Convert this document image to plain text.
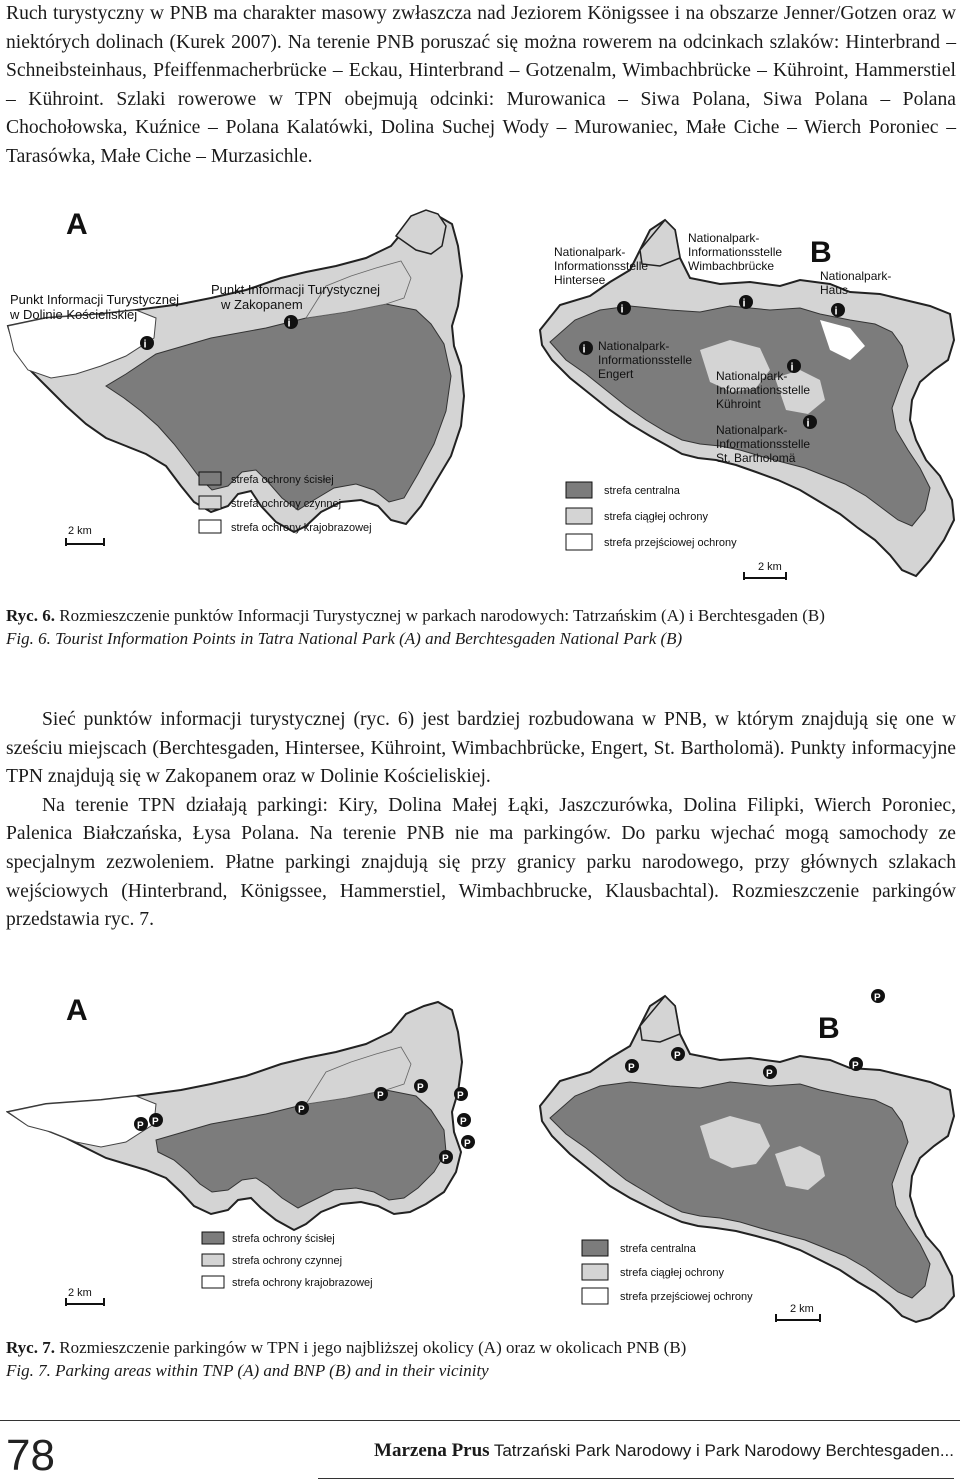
Ruch turystyczny w PNB ma charakter masowy zwłaszcza nad Jeziorem Königssee i na obszarze Jenner/Gotzen oraz w niektórych dolinach (Kurek 2007). Na terenie PNB poruszać się można rowerem na odcinkach szlaków: Hinterbrand – Schneibsteinhaus, Pfeiffenmacherbrücke – Eckau, Hinterbrand – Gotzenalm, Wimbachbrücke – Kühroint, Hammerstiel – Kühroint. Szlaki rowerowe w TPN obejmują odcinki: Murowanica – Siwa Polana, Siwa Polana – Polana Chochołowska, Kuźnice – Polana Kalatówki, Dolina Suchej Wody – Murowaniec, Małe Ciche – Wierch Poroniec – Tarasówka, Małe Ciche – Murzasichle.

A
Punkt Informacji Turystycznej
w Dolinie Kościeliskiej
Punkt Informacji Turystycznej
w Zakopanem
i
i
strefa ochrony ścisłej
strefa ochrony czynnej
strefa ochrony krajobrazowej
2 km
B
Nationalpark-
Informationsstelle
Hintersee
Nationalpark-
Informationsstelle
Wimbachbrücke
Nationalpark-
Haus
Nationalpark-
Informationsstelle
Engert	Nationalpark-
Informationsstelle
Kühroint
Nationalpark-
Informationsstelle
St. Bartholomä
i	i
i
i
i
i
strefa centralna
strefa ciągłej ochrony
strefa przejściowej ochrony
2 km

Ryc. 6. Rozmieszczenie punktów Informacji Turystycznej w parkach narodowych: Tatrzańskim (A) i Berchtesgaden (B)

Fig. 6. Tourist Information Points in Tatra National Park (A) and Berchtesgaden National Park (B)

Sieć punktów informacji turystycznej (ryc. 6) jest bardziej rozbudowana w PNB, w którym znajdują się one w sześciu miejscach (Berchtesgaden, Hintersee, Kühroint, Wimbachbrücke, Engert, St. Bartholomä). Punkty informacyjne TPN znajdują się w Zakopanem oraz w Dolinie Kościeliskiej.

Na terenie TPN działają parkingi: Kiry, Dolina Małej Łąki, Jaszczurówka, Dolina Filipki, Wierch Poroniec, Palenica Białczańska, Łysa Polana. Na terenie PNB nie ma parkingów. Do parku wjechać mogą samochody ze specjalnym zezwoleniem. Płatne parkingi znajdują się przy granicy parku narodowego, przy głównych szlakach wejściowych (Hinterbrand, Königssee, Hammerstiel, Wimbachbrucke, Klausbachtal). Rozmieszczenie parkingów przedstawia ryc. 7.

A
P P
P
P
P
P
P
P
P
strefa ochrony ścisłej
strefa ochrony czynnej
strefa ochrony krajobrazowej
2 km
B
P
P
P
P
P
strefa centralna
strefa ciągłej ochrony
strefa przejściowej ochrony
2 km

Ryc. 7. Rozmieszczenie parkingów w TPN i jego najbliższej okolicy (A) oraz w okolicach PNB (B)

Fig. 7. Parking areas within TNP (A) and BNP (B) and in their vicinity

78	Marzena Prus Tatrzański Park Narodowy i Park Narodowy Berchtesgaden...
